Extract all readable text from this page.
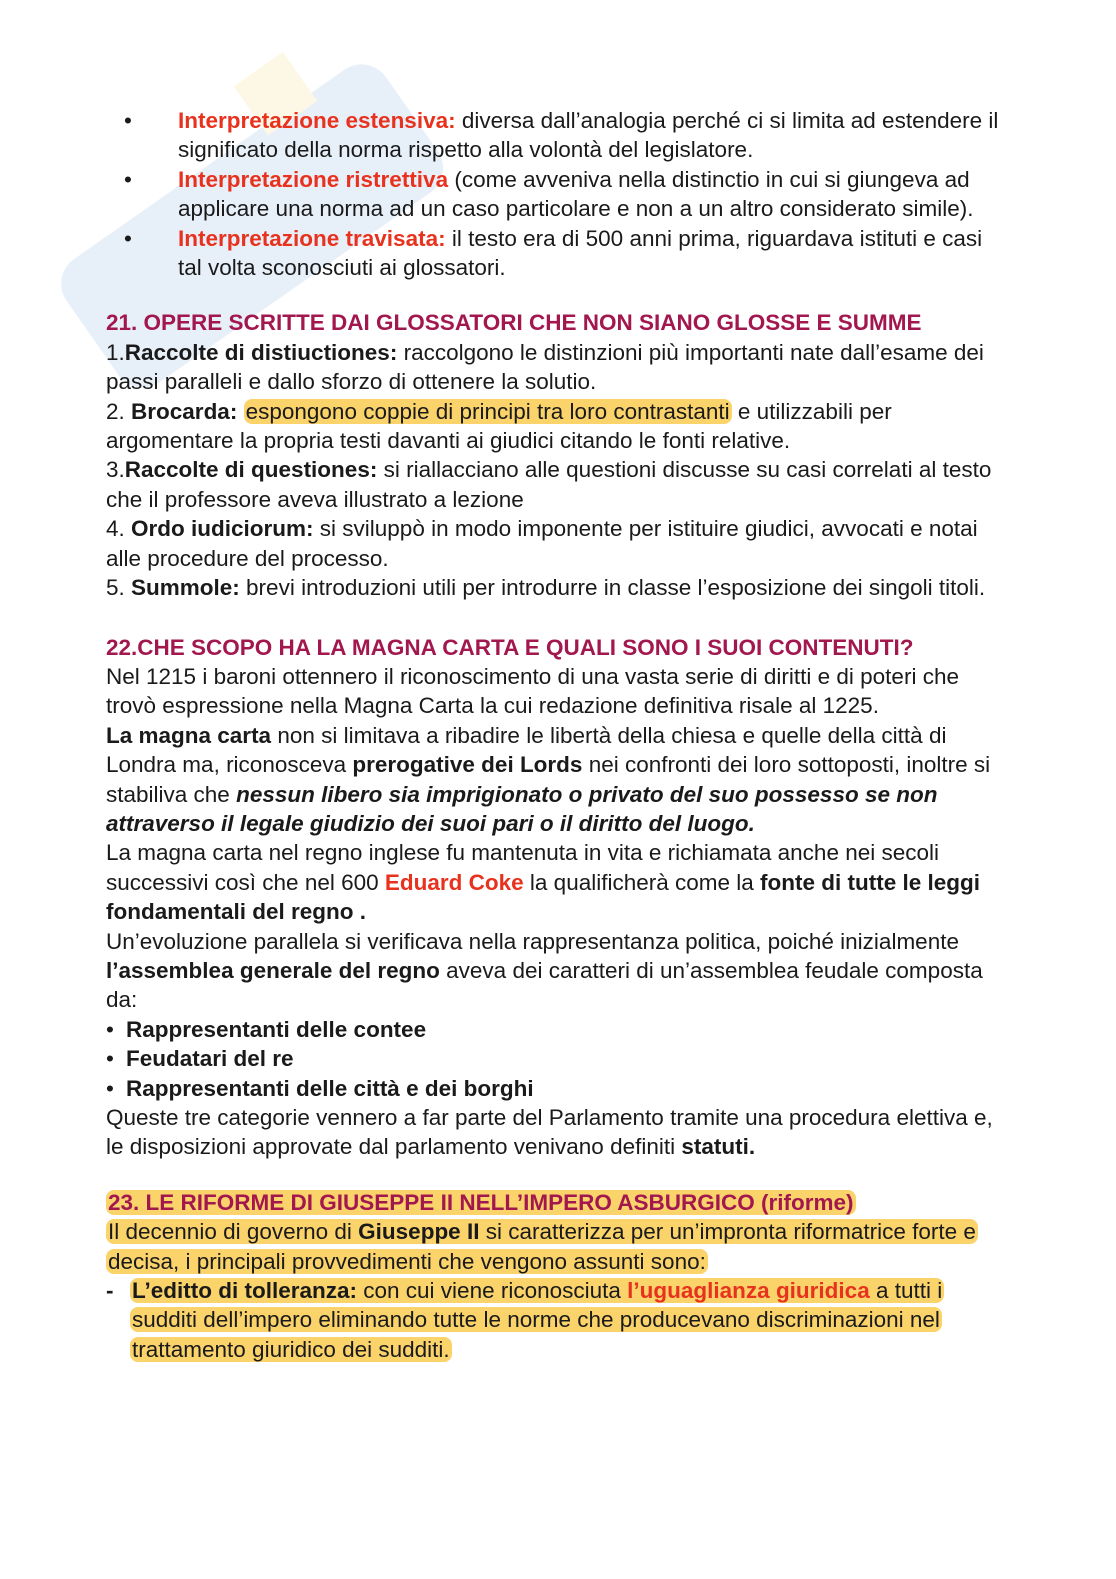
•	Interpretazione estensiva: diversa dall’analogia perché ci si limita ad estendere il significato della norma rispetto alla volontà del legislatore.
•	Interpretazione ristrettiva (come avveniva nella distinctio in cui si giungeva ad applicare una norma ad un caso particolare e non a un altro considerato simile).
•	Interpretazione travisata: il testo era di 500 anni prima, riguardava istituti e casi tal volta sconosciuti ai glossatori.
21. OPERE SCRITTE DAI GLOSSATORI CHE NON SIANO GLOSSE E SUMME

1.Raccolte di distiuctiones: raccolgono le distinzioni più importanti nate dall’esame dei passi paralleli e dallo sforzo di ottenere la solutio.

2. Brocarda: espongono coppie di principi tra loro contrastanti e utilizzabili per argomentare la propria testi davanti ai giudici citando le fonti relative.

3.Raccolte di questiones: si riallacciano alle questioni discusse su casi correlati al testo che il professore aveva illustrato a lezione

4. Ordo iudiciorum: si sviluppò in modo imponente per istituire giudici, avvocati e notai alle procedure del processo.

5. Summole: brevi introduzioni utili per introdurre in classe l’esposizione dei singoli titoli.

22.CHE SCOPO HA LA MAGNA CARTA E QUALI SONO I SUOI CONTENUTI?

Nel 1215 i baroni ottennero il riconoscimento di una vasta serie di diritti e di poteri che trovò espressione nella Magna Carta la cui redazione definitiva risale al 1225.

La magna carta non si limitava a ribadire le libertà della chiesa e quelle della città di Londra ma, riconosceva prerogative dei Lords nei confronti dei loro sottoposti, inoltre si stabiliva che nessun libero sia imprigionato o privato del suo possesso se non attraverso il legale giudizio dei suoi pari o il diritto del luogo.

La magna carta nel regno inglese fu mantenuta in vita e richiamata anche nei secoli successivi così che nel 600 Eduard Coke la qualificherà come la fonte di tutte le leggi fondamentali del regno .

Un’evoluzione parallela si verificava nella rappresentanza politica, poiché inizialmente l’assemblea generale del regno aveva dei caratteri di un’assemblea feudale composta da:

• Rappresentanti delle contee
• Feudatari del re
• Rappresentanti delle città e dei borghi

Queste tre categorie vennero a far parte del Parlamento tramite una procedura elettiva e, le disposizioni approvate dal parlamento venivano definiti statuti.

23. LE RIFORME DI GIUSEPPE II NELL’IMPERO ASBURGICO (riforme)

Il decennio di governo di Giuseppe II si caratterizza per un’impronta riformatrice forte e decisa, i principali provvedimenti che vengono assunti sono:

- L’editto di tolleranza: con cui viene riconosciuta l’uguaglianza giuridica a tutti i sudditi dell’impero eliminando tutte le norme che producevano discriminazioni nel trattamento giuridico dei sudditi.
